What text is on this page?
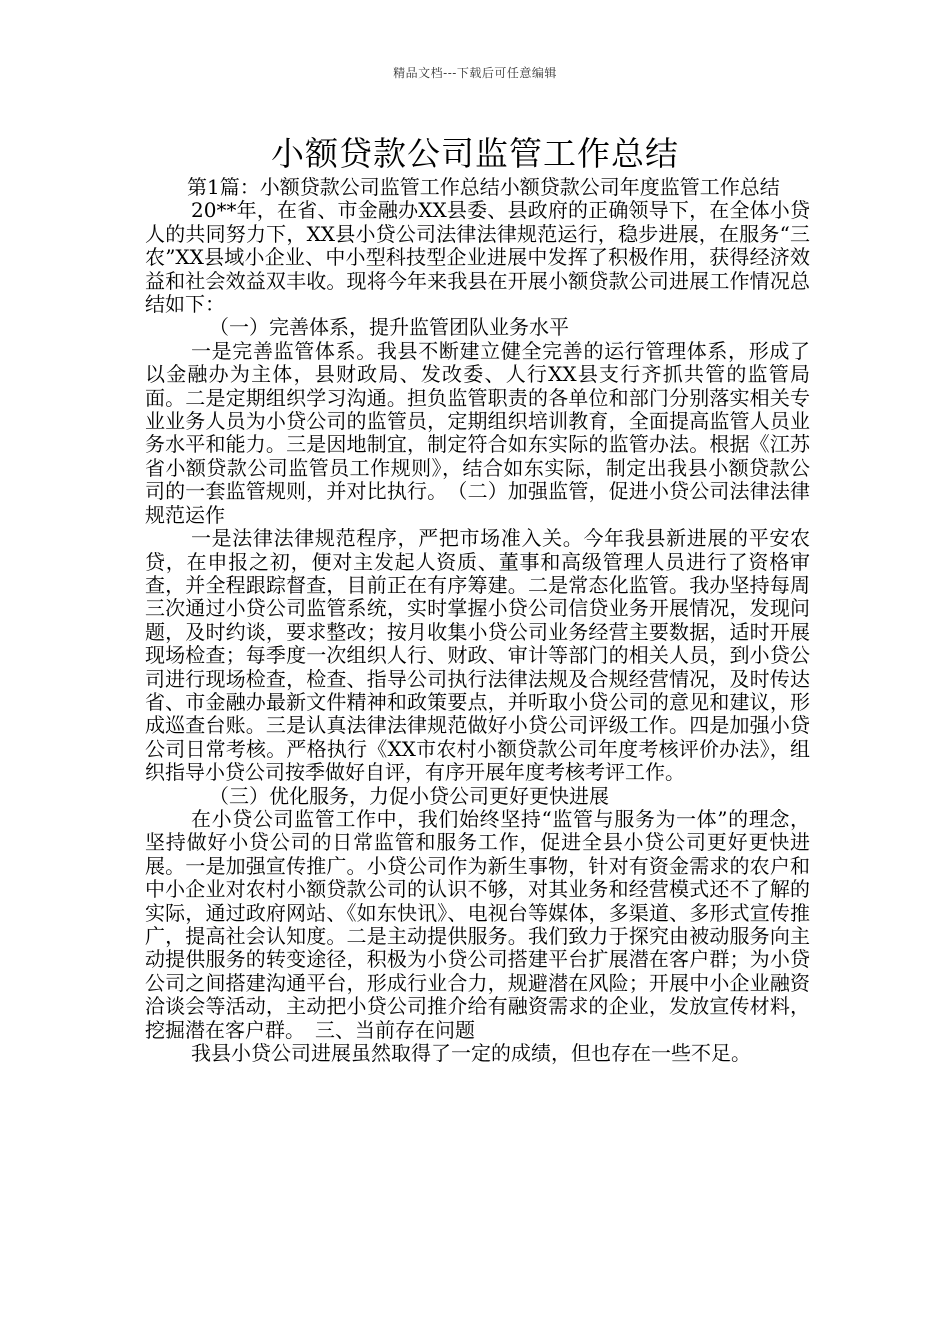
精品文档---下载后可任意编辑
小额贷款公司监管工作总结

第1篇：小额贷款公司监管工作总结小额贷款公司年度监管工作总结

20**年，在省、市金融办XX县委、县政府的正确领导下，在全体小贷人的共同努力下，XX县小贷公司法律法律规范运行，稳步进展，在服务“三农”XX县域小企业、中小型科技型企业进展中发挥了积极作用，获得经济效益和社会效益双丰收。现将今年来我县在开展小额贷款公司进展工作情况总结如下：

（一）完善体系，提升监管团队业务水平

一是完善监管体系。我县不断建立健全完善的运行管理体系，形成了以金融办为主体，县财政局、发改委、人行XX县支行齐抓共管的监管局面。二是定期组织学习沟通。担负监管职责的各单位和部门分别落实相关专业业务人员为小贷公司的监管员，定期组织培训教育，全面提高监管人员业务水平和能力。三是因地制宜，制定符合如东实际的监管办法。根据《江苏省小额贷款公司监管员工作规则》，结合如东实际，制定出我县小额贷款公司的一套监管规则，并对比执行。　（二）加强监管，促进小贷公司法律法律规范运作

一是法律法律规范程序，严把市场准入关。今年我县新进展的平安农贷，在申报之初，便对主发起人资质、董事和高级管理人员进行了资格审查，并全程跟踪督查，目前正在有序筹建。二是常态化监管。我办坚持每周三次通过小贷公司监管系统，实时掌握小贷公司信贷业务开展情况，发现问题，及时约谈，要求整改；按月收集小贷公司业务经营主要数据，适时开展现场检查；每季度一次组织人行、财政、审计等部门的相关人员，到小贷公司进行现场检查，检查、指导公司执行法律法规及合规经营情况，及时传达省、市金融办最新文件精神和政策要点，并听取小贷公司的意见和建议，形成巡查台账。三是认真法律法律规范做好小贷公司评级工作。四是加强小贷公司日常考核。严格执行《XX市农村小额贷款公司年度考核评价办法》，组织指导小贷公司按季做好自评，有序开展年度考核考评工作。

（三）优化服务，力促小贷公司更好更快进展

在小贷公司监管工作中，我们始终坚持“监管与服务为一体”的理念，坚持做好小贷公司的日常监管和服务工作，促进全县小贷公司更好更快进展。一是加强宣传推广。小贷公司作为新生事物，针对有资金需求的农户和中小企业对农村小额贷款公司的认识不够，对其业务和经营模式还不了解的实际，通过政府网站、《如东快讯》、电视台等媒体，多渠道、多形式宣传推广，提高社会认知度。二是主动提供服务。我们致力于探究由被动服务向主动提供服务的转变途径，积极为小贷公司搭建平台扩展潜在客户群；为小贷公司之间搭建沟通平台，形成行业合力，规避潜在风险；开展中小企业融资洽谈会等活动，主动把小贷公司推介给有融资需求的企业，发放宣传材料，挖掘潜在客户群。　三、当前存在问题

我县小贷公司进展虽然取得了一定的成绩，但也存在一些不足。
